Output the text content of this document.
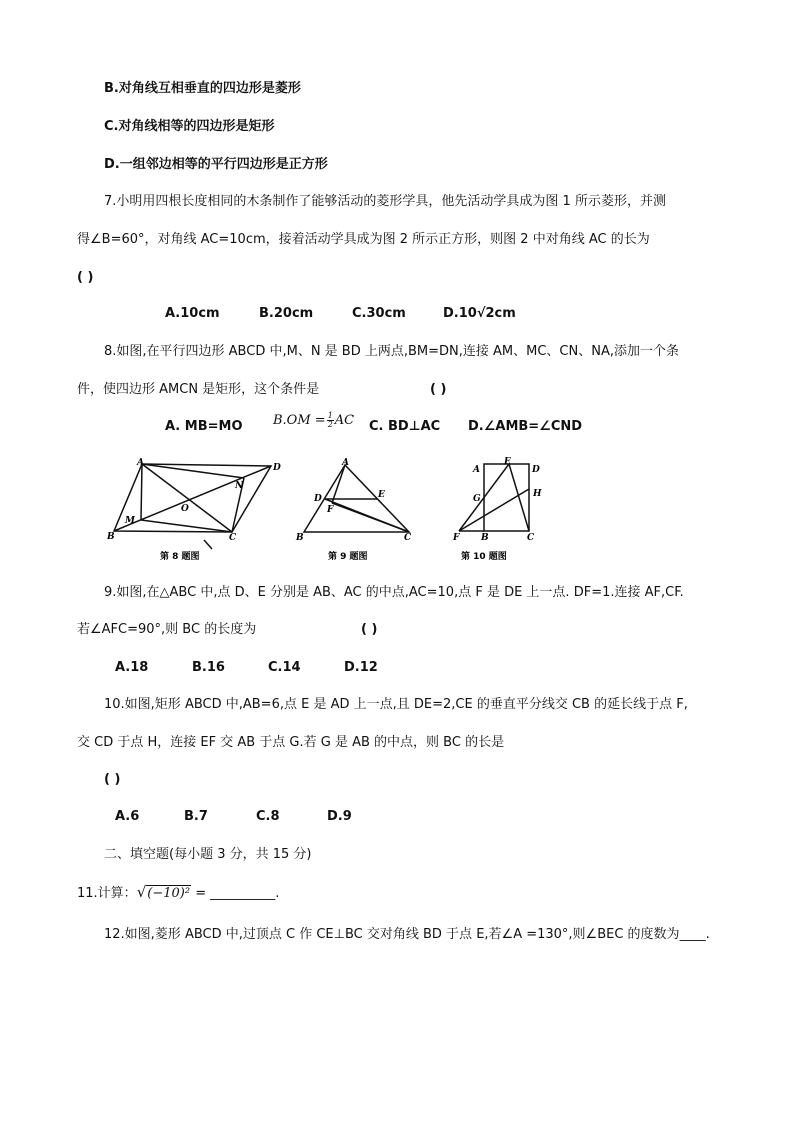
B.对角线互相垂直的四边形是菱形
C.对角线相等的四边形是矩形
D.一组邻边相等的平行四边形是正方形
7.小明用四根长度相同的木条制作了能够活动的菱形学具，他先活动学具成为图 1 所示菱形，并测
得∠B=60°，对角线 AC=10cm，接着活动学具成为图 2 所示正方形，则图 2 中对角线 AC 的长为
( )
A.10cm	B.20cm	C.30cm	D.10√2cm
8.如图,在平行四边形 ABCD 中,M、N 是 BD 上两点,BM=DN,连接 AM、MC、CN、NA,添加一个条
件，使四边形 AMCN 是矩形，这个条件是	( )
A. MB=MO $B.OM = \frac{1}{2}$ AC C. BD⊥AC D.∠AMB=∠CND
A	D
B	C
M
N
O
第 8 题图
A
D	E
F
B	C
第 9 题图
A
E
D
G	H
F B	C
第 10 题图
9.如图,在△ABC 中,点 D、E 分别是 AB、AC 的中点,AC=10,点 F 是 DE 上一点. DF=1.连接 AF,CF.
若∠AFC=90°,则 BC 的长度为	( )
A.18	B.16	C.14	D.12
10.如图,矩形 ABCD 中,AB=6,点 E 是 AD 上一点,且 DE=2,CE 的垂直平分线交 CB 的延长线于点 F,
交 CD 于点 H，连接 EF 交 AB 于点 G.若 G 是 AB 的中点，则 BC 的长是
( )
A.6	B.7	C.8	D.9
二、填空题(每小题 3 分，共 15 分)
11.计算：√(−10)² = __________.
12.如图,菱形 ABCD 中,过顶点 C 作 CE⊥BC 交对角线 BD 于点 E,若∠A =130°,则∠BEC 的度数为____.
